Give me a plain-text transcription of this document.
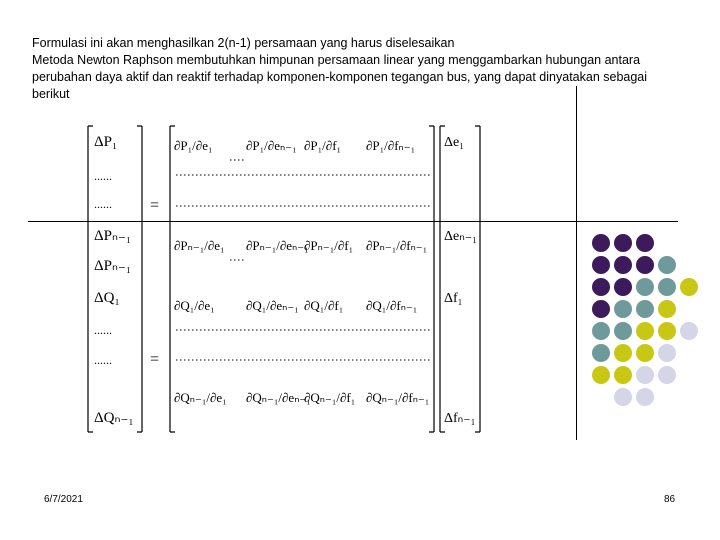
Formulasi ini akan menghasilkan 2(n-1) persamaan yang harus diselesaikan

Metoda Newton Raphson membutuhkan himpunan persamaan linear yang menggambarkan hubungan antara perubahan daya aktif dan reaktif terhadap komponen-komponen tegangan bus, yang dapat dinyatakan sebagai berikut

ΔP₁
......
......
ΔPₙ₋₁
ΔPₙ₋₁
ΔQ₁
......
......
ΔQₙ₋₁
=
=
∂P₁/∂e₁	∂P₁/∂eₙ₋₁ ∂P₁/∂f₁ ∂P₁/∂fₙ₋₁
∂Pₙ₋₁/∂e₁ ∂Pₙ₋₁/∂eₙ₋₁
∂Pₙ₋₁/∂f₁ ∂Pₙ₋₁/∂fₙ₋₁
∂Q₁/∂e₁ ∂Q₁/∂eₙ₋₁ ∂Q₁/∂f₁ ∂Q₁/∂fₙ₋₁
∂Qₙ₋₁/∂e₁ ∂Qₙ₋₁/∂eₙ₋₁
∂Qₙ₋₁/∂f₁ ∂Qₙ₋₁/∂fₙ₋₁
Δe₁
Δeₙ₋₁
Δf₁
Δfₙ₋₁
6/7/2021	86
